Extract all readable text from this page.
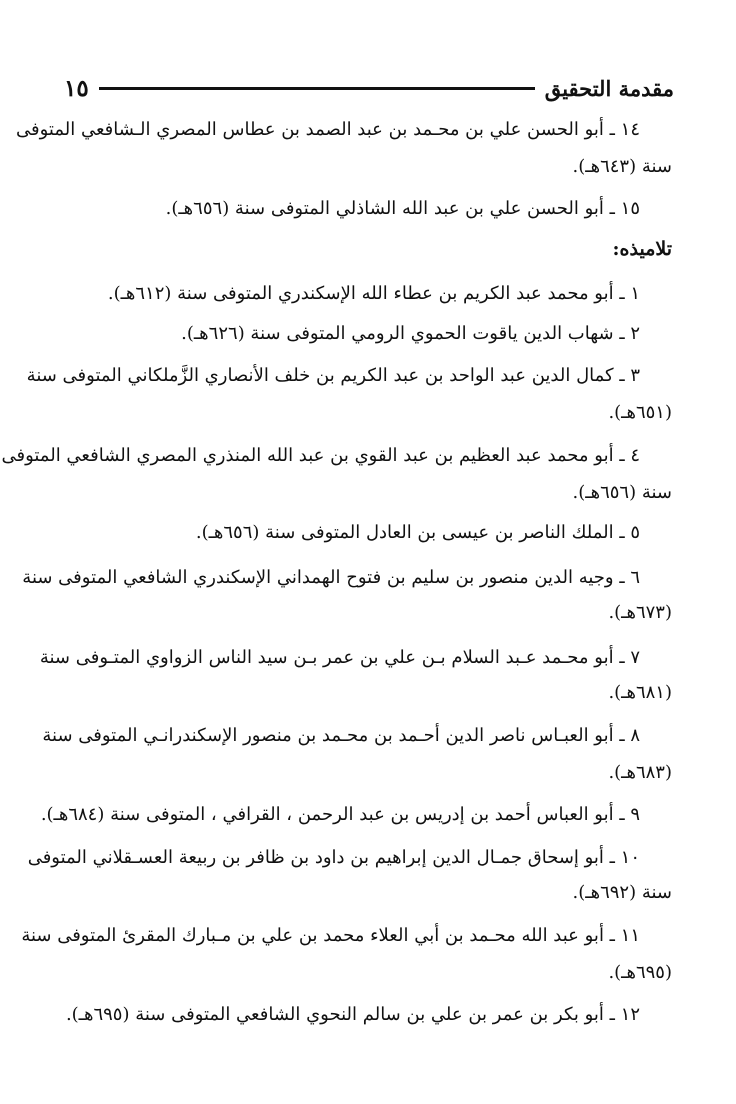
مقدمة التحقيق
١٥
١٤ ـ أبو الحسن علي بن محـمد بن عبد الصمد بن عطاس المصري الـشافعي المتوفى
سنة (٦٤٣هـ).
١٥ ـ أبو الحسن علي بن عبد الله الشاذلي المتوفى سنة (٦٥٦هـ).
تلاميذه:
١ ـ أبو محمد عبد الكريم بن عطاء الله الإسكندري المتوفى سنة (٦١٢هـ).
٢ ـ شهاب الدين ياقوت الحموي الرومي المتوفى سنة (٦٢٦هـ).
٣ ـ كمال الدين عبد الواحد بن عبد الكريم بن خلف الأنصاري الزَّملكاني المتوفى سنة
(٦٥١هـ).
٤ ـ أبو محمد عبد العظيم بن عبد القوي بن عبد الله المنذري المصري الشافعي المتوفى
سنة (٦٥٦هـ).
٥ ـ الملك الناصر بن عيسى بن العادل المتوفى سنة (٦٥٦هـ).
٦ ـ وجيه الدين منصور بن سليم بن فتوح الهمداني الإسكندري الشافعي المتوفى سنة
(٦٧٣هـ).
٧ ـ أبو محـمد عـبد السلام بـن علي بن عمر بـن سيد الناس الزواوي المتـوفى سنة
(٦٨١هـ).
٨ ـ أبو العبـاس ناصر الدين أحـمد بن محـمد بن منصور الإسكندرانـي المتوفى سنة
(٦٨٣هـ).
٩ ـ أبو العباس أحمد بن إدريس بن عبد الرحمن ، القرافي ، المتوفى سنة (٦٨٤هـ).
١٠ ـ أبو إسحاق جمـال الدين إبراهيم بن داود بن ظافر بن ربيعة العسـقلاني المتوفى
سنة (٦٩٢هـ).
١١ ـ أبو عبد الله محـمد بن أبي العلاء محمد بن علي بن مـبارك المقرئ المتوفى سنة
(٦٩٥هـ).
١٢ ـ أبو بكر بن عمر بن علي بن سالم النحوي الشافعي المتوفى سنة (٦٩٥هـ).
